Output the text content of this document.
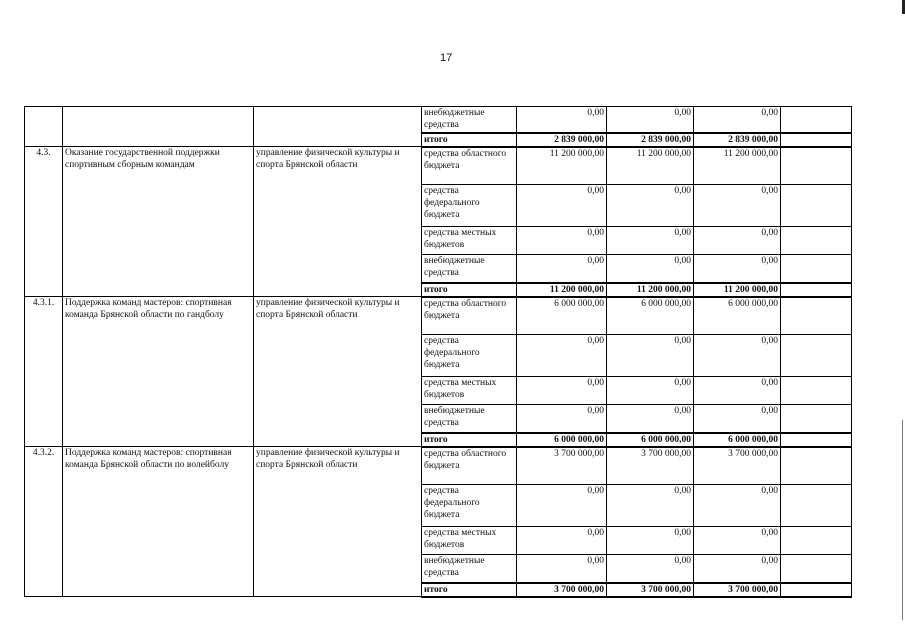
17
			внебюджетные средства	0,00	0,00	0,00	
			итого	2 839 000,00	2 839 000,00	2 839 000,00	
4.3.	Оказание государственной поддержки спортивным сборным командам	управление физической культуры и спорта Брянской области	средства областного бюджета	11 200 000,00	11 200 000,00	11 200 000,00	
			средства федерального бюджета	0,00	0,00	0,00	
			средства местных бюджетов	0,00	0,00	0,00	
			внебюджетные средства	0,00	0,00	0,00	
			итого	11 200 000,00	11 200 000,00	11 200 000,00	
4.3.1.	Поддержка команд мастеров: спортивная команда Брянской области по гандболу	управление физической культуры и спорта Брянской области	средства областного бюджета	6 000 000,00	6 000 000,00	6 000 000,00	
			средства федерального бюджета	0,00	0,00	0,00	
			средства местных бюджетов	0,00	0,00	0,00	
			внебюджетные средства	0,00	0,00	0,00	
			итого	6 000 000,00	6 000 000,00	6 000 000,00	
4.3.2.	Поддержка команд мастеров: спортивная команда Брянской области по волейболу	управление физической культуры и спорта Брянской области	средства областного бюджета	3 700 000,00	3 700 000,00	3 700 000,00	
			средства федерального бюджета	0,00	0,00	0,00	
			средства местных бюджетов	0,00	0,00	0,00	
			внебюджетные средства	0,00	0,00	0,00	
			итого	3 700 000,00	3 700 000,00	3 700 000,00	
